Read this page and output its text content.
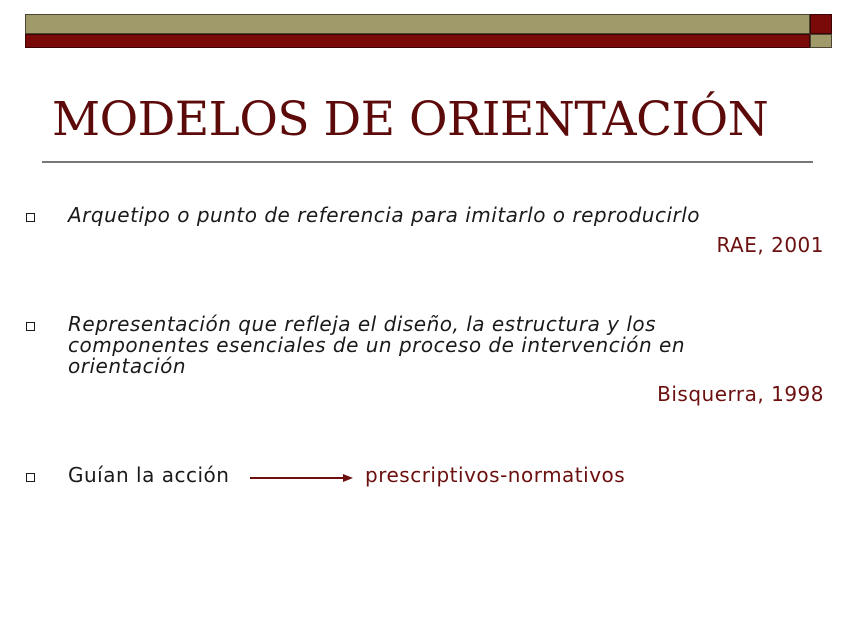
MODELOS DE ORIENTACIÓN
Arquetipo o punto de referencia para imitarlo o reproducirlo
RAE, 2001
Representación que refleja el diseño, la estructura y los componentes esenciales de un proceso de intervención en orientación
Bisquerra, 1998
Guían la acción	prescriptivos-normativos
